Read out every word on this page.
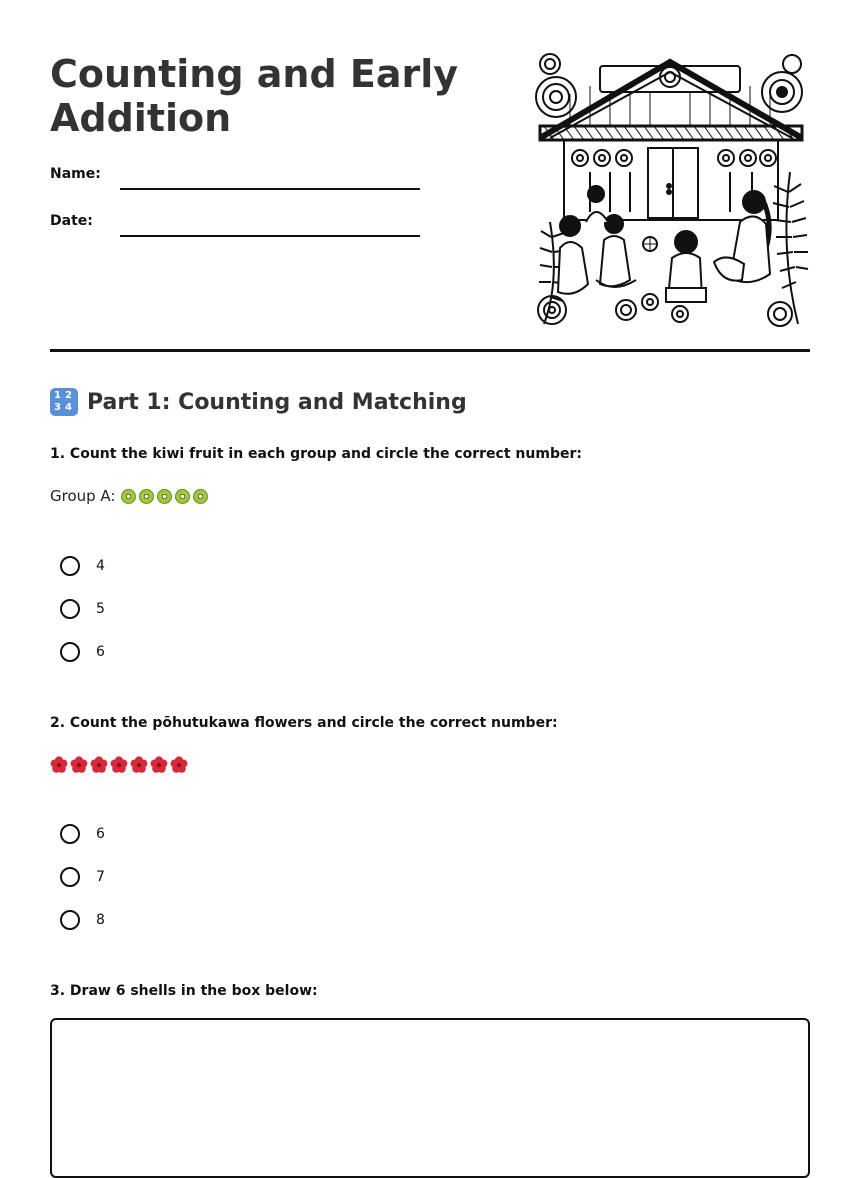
Counting and Early Addition
Name:
Date:
1 2
3 4 Part 1: Counting and Matching

1. Count the kiwi fruit in each group and circle the correct number:

Group A:
4
5
6

2. Count the pōhutukawa flowers and circle the correct number:

6
7
8

3. Draw 6 shells in the box below:
